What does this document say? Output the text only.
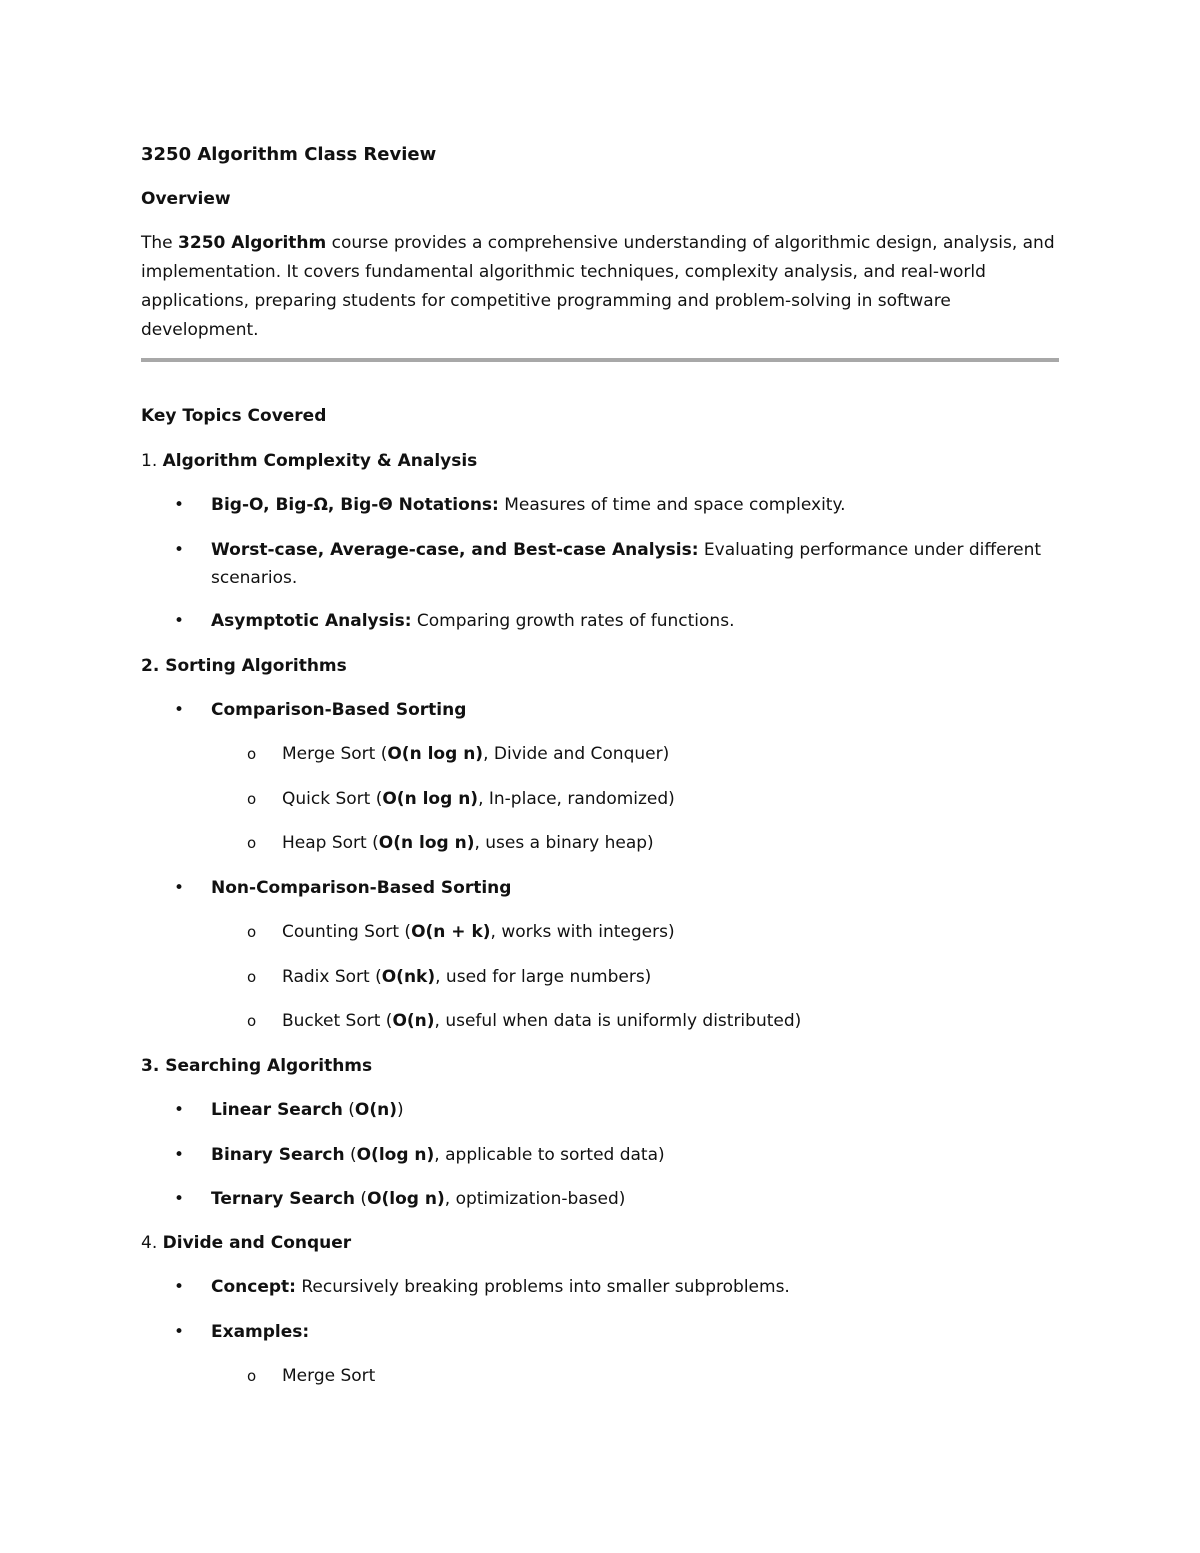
3250 Algorithm Class Review
Overview
The 3250 Algorithm course provides a comprehensive understanding of algorithmic design, analysis, and
implementation. It covers fundamental algorithmic techniques, complexity analysis, and real-world
applications, preparing students for competitive programming and problem-solving in software
development.
Key Topics Covered
1. Algorithm Complexity & Analysis
• Big-O, Big-Ω, Big-Θ Notations: Measures of time and space complexity.
• Worst-case, Average-case, and Best-case Analysis: Evaluating performance under different
scenarios.
• Asymptotic Analysis: Comparing growth rates of functions.
2. Sorting Algorithms
• Comparison-Based Sorting
o Merge Sort (O(n log n), Divide and Conquer)
o Quick Sort (O(n log n), In-place, randomized)
o Heap Sort (O(n log n), uses a binary heap)
• Non-Comparison-Based Sorting
o Counting Sort (O(n + k), works with integers)
o Radix Sort (O(nk), used for large numbers)
o Bucket Sort (O(n), useful when data is uniformly distributed)
3. Searching Algorithms
• Linear Search (O(n))
• Binary Search (O(log n), applicable to sorted data)
• Ternary Search (O(log n), optimization-based)
4. Divide and Conquer
• Concept: Recursively breaking problems into smaller subproblems.
• Examples:
o Merge Sort
